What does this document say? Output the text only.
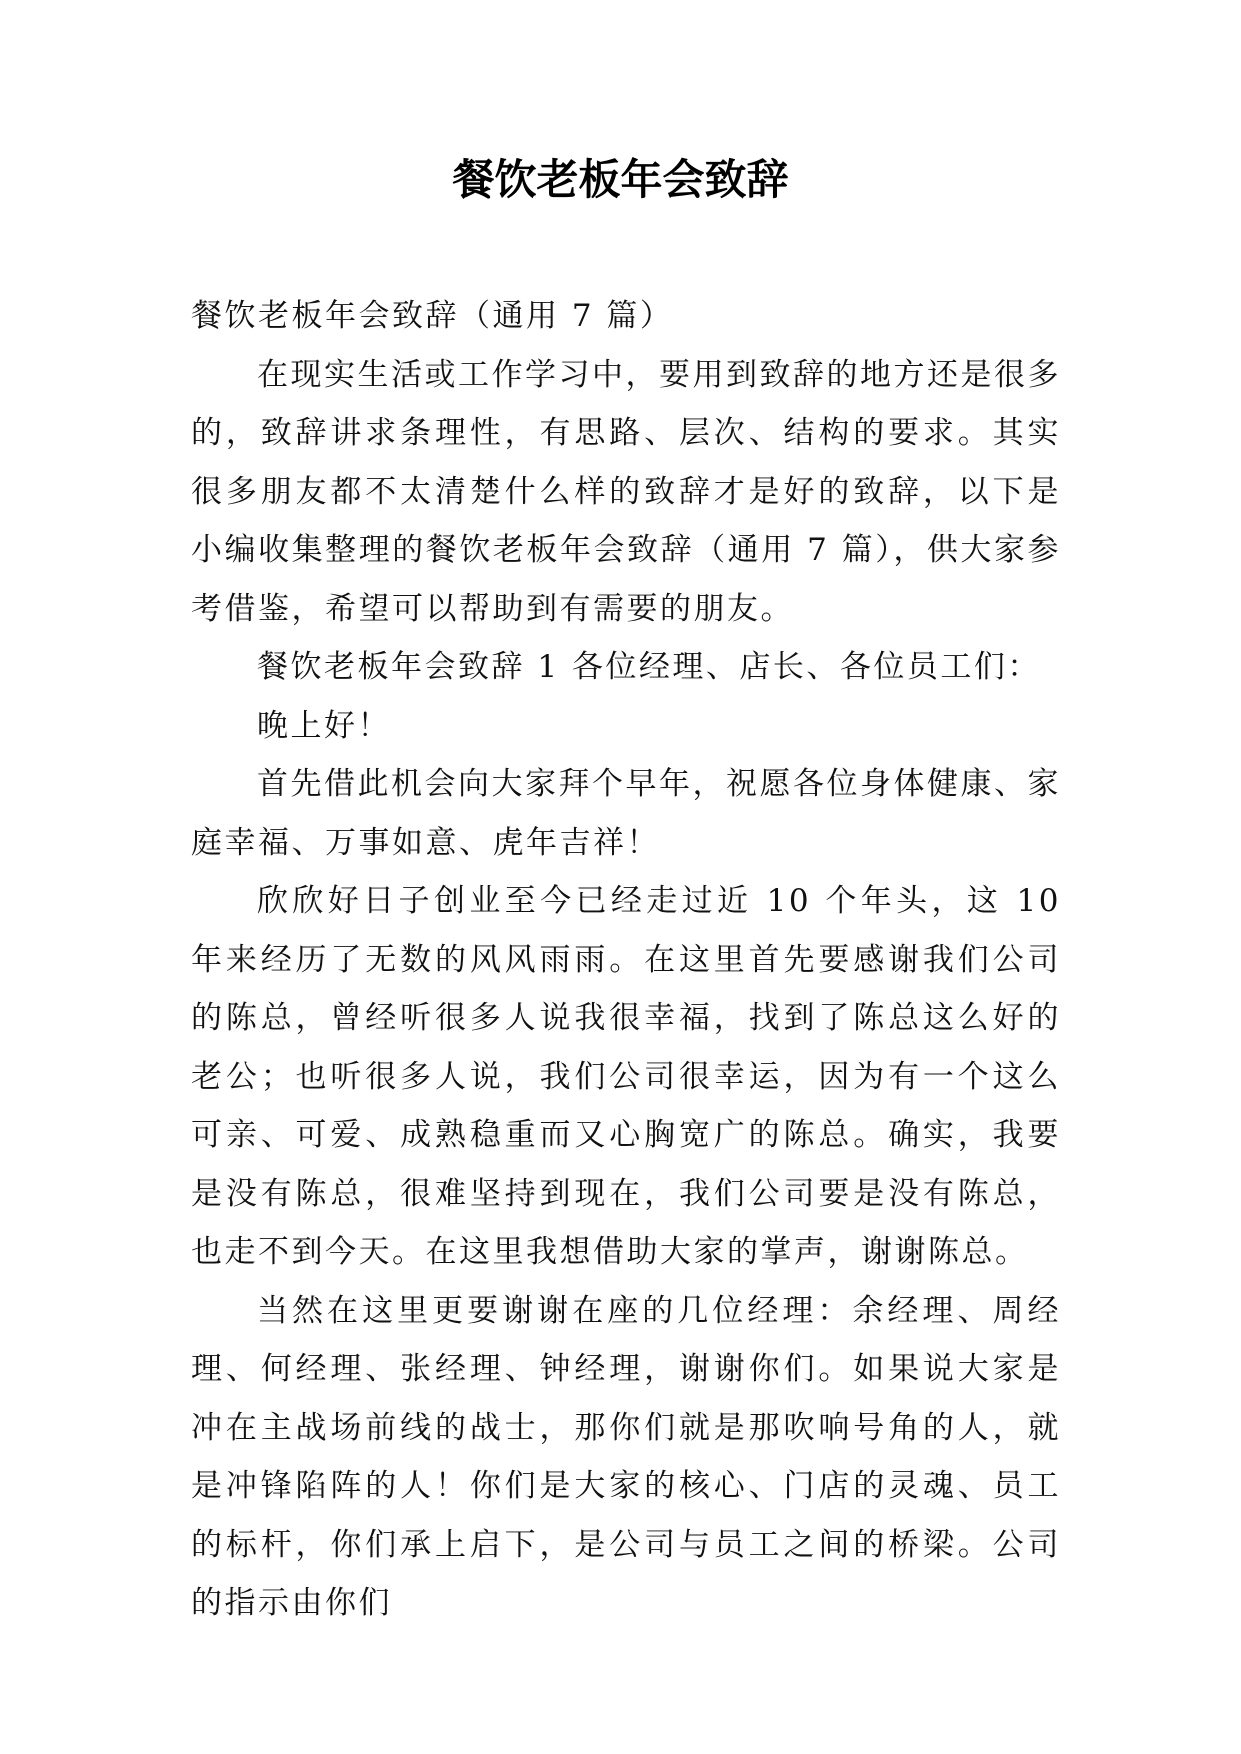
餐饮老板年会致辞

餐饮老板年会致辞（通用 7 篇）

在现实生活或工作学习中，要用到致辞的地方还是很多的，致辞讲求条理性，有思路、层次、结构的要求。其实很多朋友都不太清楚什么样的致辞才是好的致辞，以下是小编收集整理的餐饮老板年会致辞（通用 7 篇），供大家参考借鉴，希望可以帮助到有需要的朋友。

餐饮老板年会致辞 1 各位经理、店长、各位员工们：

晚上好！

首先借此机会向大家拜个早年，祝愿各位身体健康、家庭幸福、万事如意、虎年吉祥！

欣欣好日子创业至今已经走过近 10 个年头，这 10 年来经历了无数的风风雨雨。在这里首先要感谢我们公司的陈总，曾经听很多人说我很幸福，找到了陈总这么好的老公；也听很多人说，我们公司很幸运，因为有一个这么可亲、可爱、成熟稳重而又心胸宽广的陈总。确实，我要是没有陈总，很难坚持到现在，我们公司要是没有陈总，也走不到今天。在这里我想借助大家的掌声，谢谢陈总。

当然在这里更要谢谢在座的几位经理：余经理、周经理、何经理、张经理、钟经理，谢谢你们。如果说大家是冲在主战场前线的战士，那你们就是那吹响号角的人，就是冲锋陷阵的人！你们是大家的核心、门店的灵魂、员工的标杆，你们承上启下，是公司与员工之间的桥梁。公司的指示由你们
